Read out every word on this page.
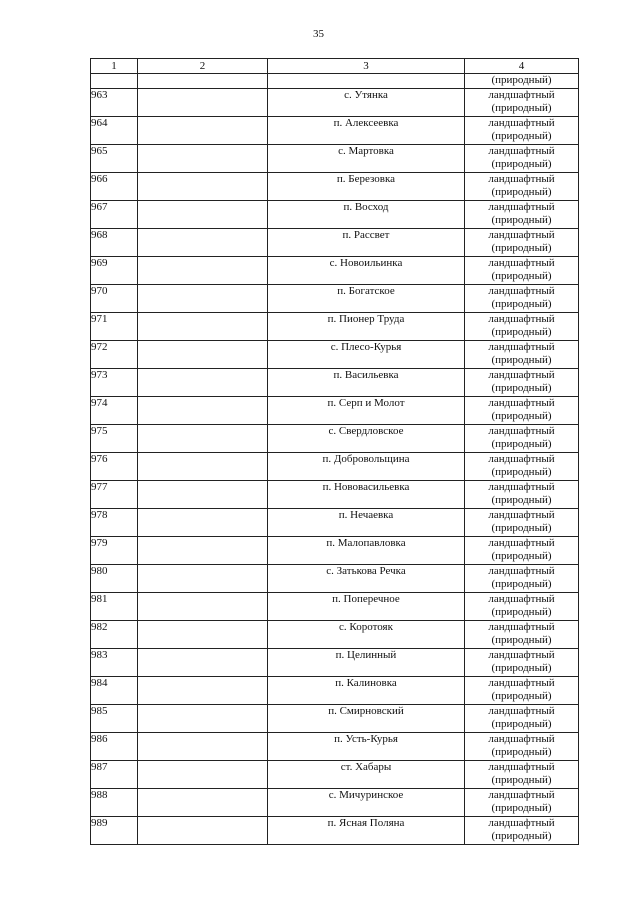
35
1	2	3	4
			(природный)
963		с. Утянка	ландшафтный
(природный)

964		п. Алексеевка	ландшафтный
(природный)

965		с. Мартовка	ландшафтный
(природный)

966		п. Березовка	ландшафтный
(природный)

967		п. Восход	ландшафтный
(природный)

968		п. Рассвет	ландшафтный
(природный)

969		с. Новоильинка	ландшафтный
(природный)

970		п. Богатское	ландшафтный
(природный)

971		п. Пионер Труда	ландшафтный
(природный)

972		с. Плесо-Курья	ландшафтный
(природный)

973		п. Васильевка	ландшафтный
(природный)

974		п. Серп и Молот	ландшафтный
(природный)

975		с. Свердловское	ландшафтный
(природный)

976		п. Добровольщина	ландшафтный
(природный)

977		п. Нововасильевка	ландшафтный
(природный)

978		п. Нечаевка	ландшафтный
(природный)

979		п. Малопавловка	ландшафтный
(природный)

980		с. Затькова Речка	ландшафтный
(природный)

981		п. Поперечное	ландшафтный
(природный)

982		с. Коротояк	ландшафтный
(природный)

983		п. Целинный	ландшафтный
(природный)

984		п. Калиновка	ландшафтный
(природный)

985		п. Смирновский	ландшафтный
(природный)

986		п. Усть-Курья	ландшафтный
(природный)

987		ст. Хабары	ландшафтный
(природный)

988		с. Мичуринское	ландшафтный
(природный)

989		п. Ясная Поляна	ландшафтный
(природный)
